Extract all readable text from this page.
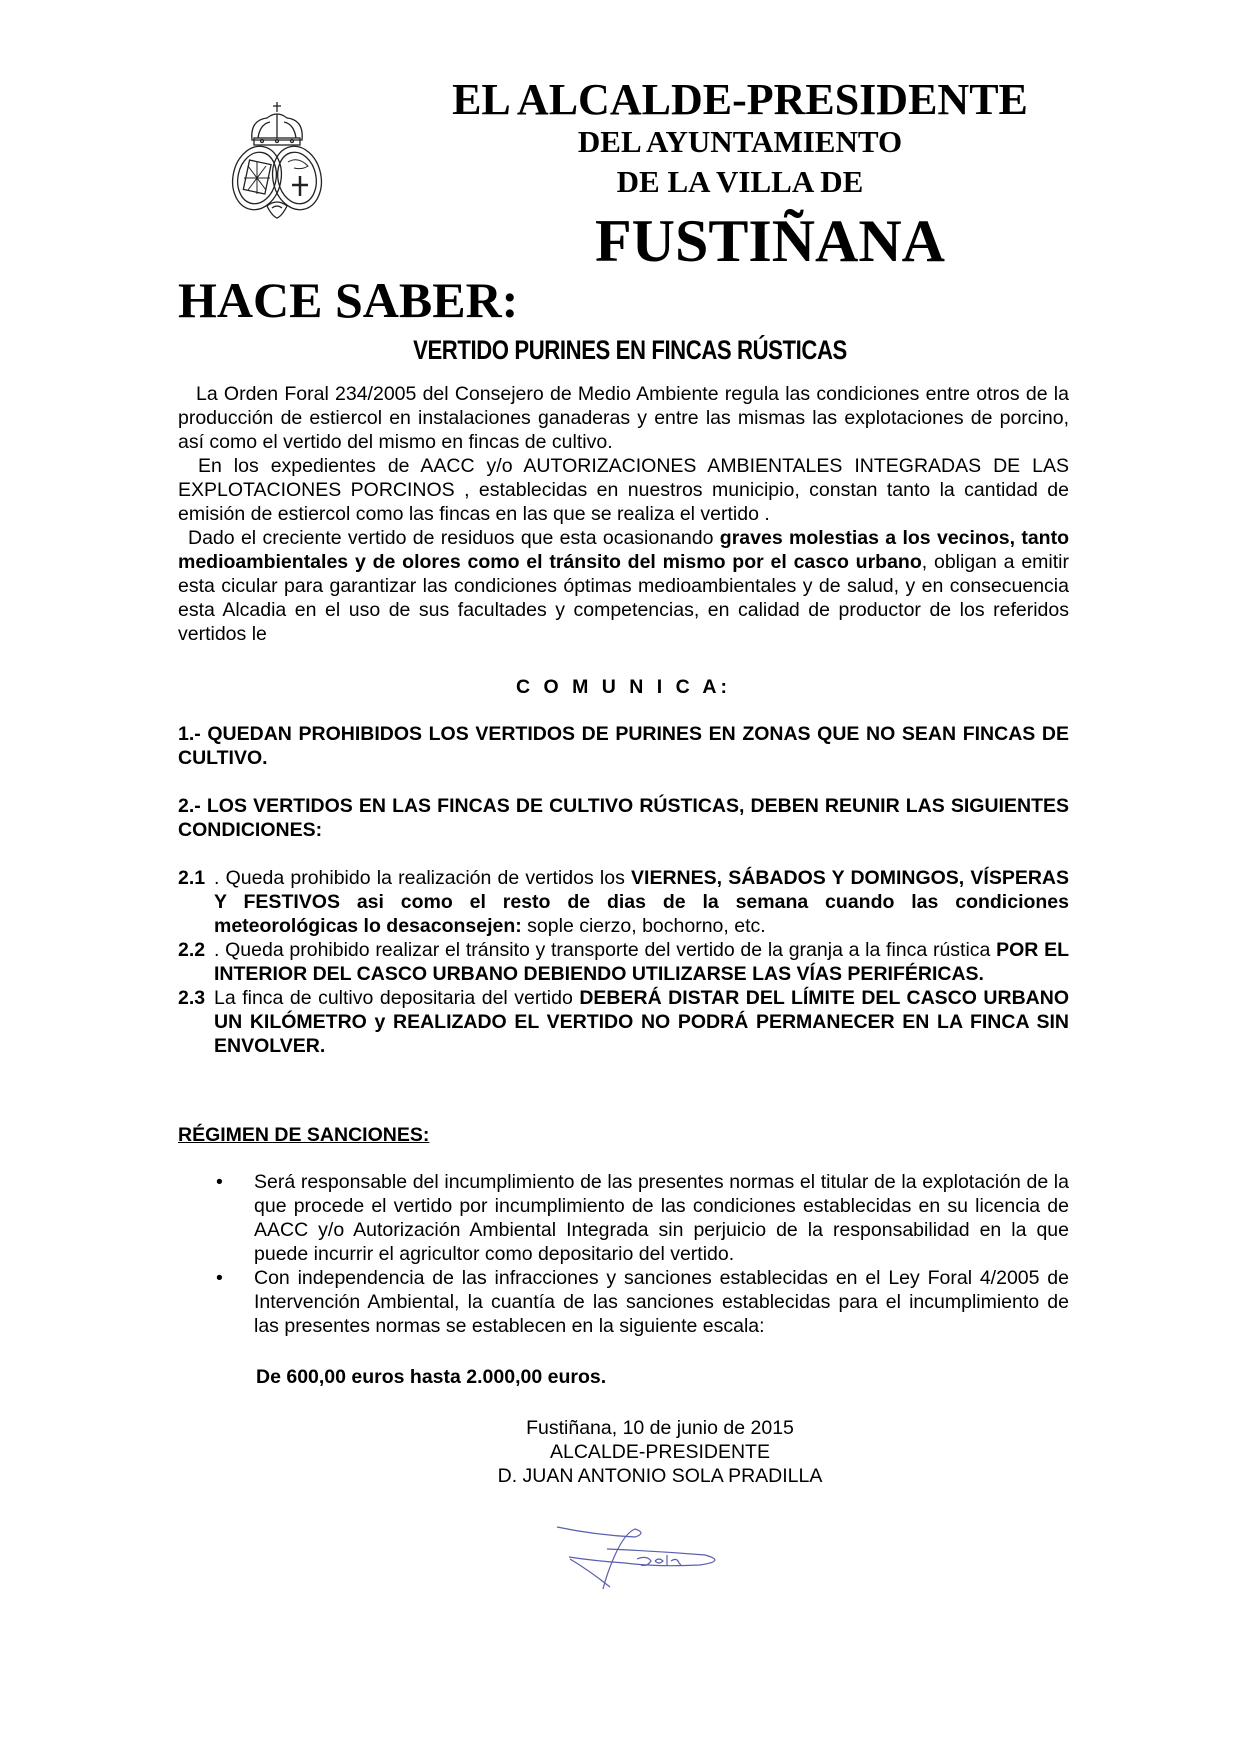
EL ALCALDE-PRESIDENTE
DEL AYUNTAMIENTO
DE LA VILLA DE
FUSTIÑANA
HACE SABER:
VERTIDO PURINES EN FINCAS RÚSTICAS

La Orden Foral 234/2005 del Consejero de Medio Ambiente regula las condiciones entre otros de la producción de estiercol en instalaciones ganaderas y entre las mismas las explotaciones de porcino, así como el vertido del mismo en fincas de cultivo.

En los expedientes de AACC y/o AUTORIZACIONES AMBIENTALES INTEGRADAS DE LAS EXPLOTACIONES PORCINOS , establecidas en nuestros municipio, constan tanto la cantidad de emisión de estiercol como las fincas en las que se realiza el vertido .

Dado el creciente vertido de residuos que esta ocasionando graves molestias a los vecinos, tanto medioambientales y de olores como el tránsito del mismo por el casco urbano, obligan a emitir esta cicular para garantizar las condiciones óptimas medioambientales y de salud, y en consecuencia esta Alcadia en el uso de sus facultades y competencias, en calidad de productor de los referidos vertidos le

C O M U N I C A:
1.- QUEDAN PROHIBIDOS LOS VERTIDOS DE PURINES EN ZONAS QUE NO SEAN FINCAS DE CULTIVO.
2.- LOS VERTIDOS EN LAS FINCAS DE CULTIVO RÚSTICAS, DEBEN REUNIR LAS SIGUIENTES CONDICIONES:
2.1 . Queda prohibido la realización de vertidos los VIERNES, SÁBADOS Y DOMINGOS, VÍSPERAS Y FESTIVOS asi como el resto de dias de la semana cuando las condiciones meteorológicas lo desaconsejen: sople cierzo, bochorno, etc.
2.2 . Queda prohibido realizar el tránsito y transporte del vertido de la granja a la finca rústica POR EL INTERIOR DEL CASCO URBANO DEBIENDO UTILIZARSE LAS VÍAS PERIFÉRICAS.
2.3 La finca de cultivo depositaria del vertido DEBERÁ DISTAR DEL LÍMITE DEL CASCO URBANO UN KILÓMETRO y REALIZADO EL VERTIDO NO PODRÁ PERMANECER EN LA FINCA SIN ENVOLVER.
RÉGIMEN DE SANCIONES:
•	Será responsable del incumplimiento de las presentes normas el titular de la explotación de la que procede el vertido por incumplimiento de las condiciones establecidas en su licencia de AACC y/o Autorización Ambiental Integrada sin perjuicio de la responsabilidad en la que puede incurrir el agricultor como depositario del vertido.
•	Con independencia de las infracciones y sanciones establecidas en el Ley Foral 4/2005 de Intervención Ambiental, la cuantía de las sanciones establecidas para el incumplimiento de las presentes normas se establecen en la siguiente escala:
De 600,00 euros hasta 2.000,00 euros.
Fustiñana, 10 de junio de 2015
ALCALDE-PRESIDENTE
D. JUAN ANTONIO SOLA PRADILLA
